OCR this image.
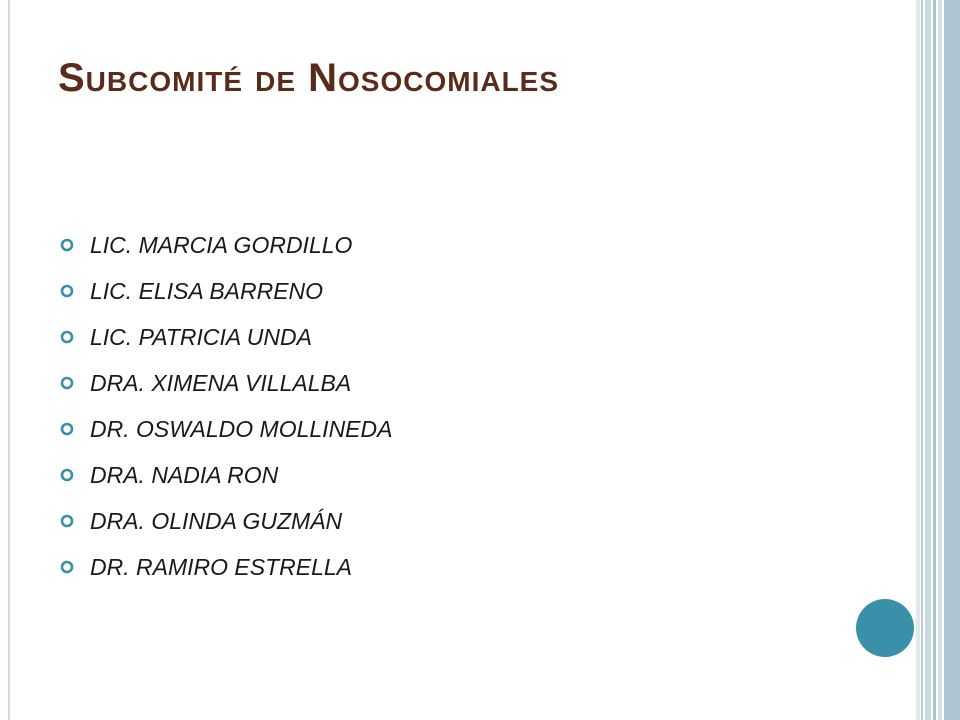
Subcomité de Nosocomiales
LIC. MARCIA GORDILLO
LIC. ELISA BARRENO
LIC. PATRICIA UNDA
DRA. XIMENA VILLALBA
DR. OSWALDO MOLLINEDA
DRA. NADIA RON
DRA. OLINDA GUZMÁN
DR. RAMIRO ESTRELLA
